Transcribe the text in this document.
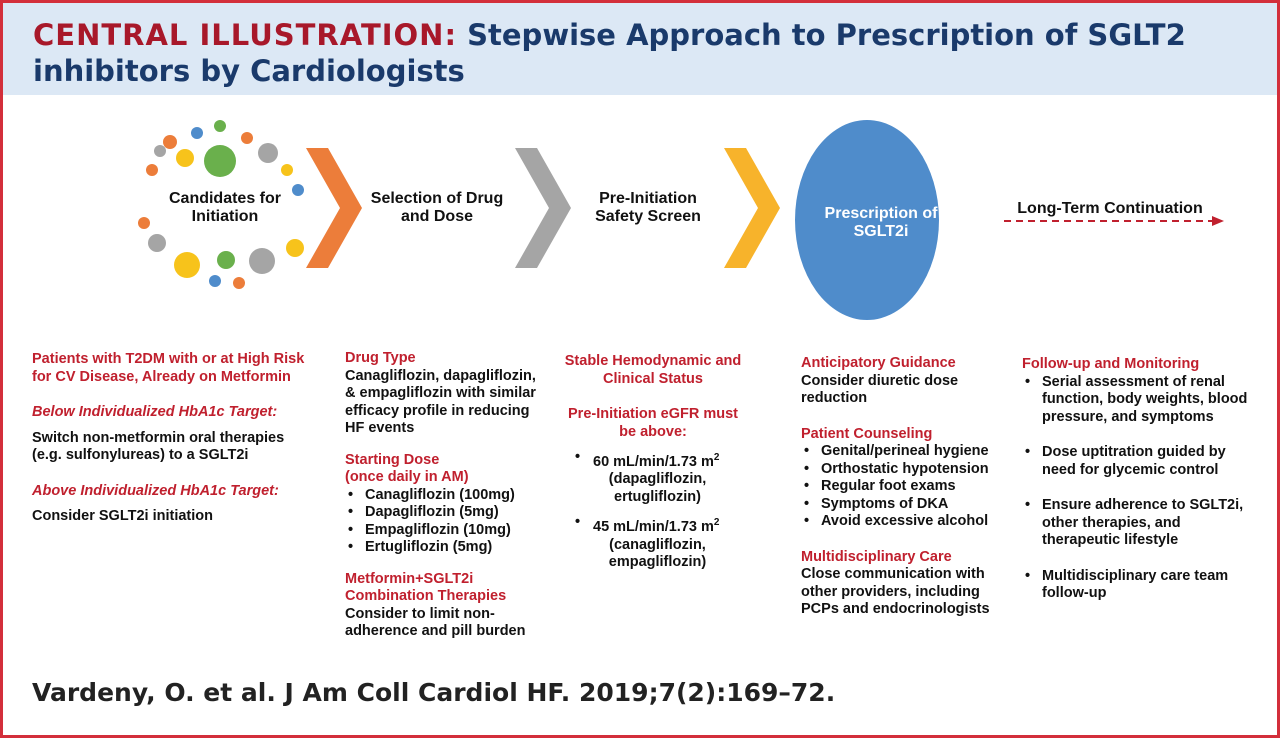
CENTRAL ILLUSTRATION: Stepwise Approach to Prescription of SGLT2 inhibitors by Cardiologists
Candidates for Initiation
Selection of Drug and Dose
Pre-Initiation Safety Screen	Prescription of SGLT2i
Long-Term Continuation

Patients with T2DM with or at High Risk for CV Disease, Already on Metformin

Below Individualized HbA1c Target:

Switch non-metformin oral therapies (e.g. sulfonylureas) to a SGLT2i

Above Individualized HbA1c Target:

Consider SGLT2i initiation

Drug Type

Canagliflozin, dapagliflozin, & empagliflozin with similar efficacy profile in reducing HF events

Starting Dose

(once daily in AM)

• Canagliflozin (100mg)
• Dapagliflozin (5mg)
• Empagliflozin (10mg)
• Ertugliflozin (5mg)

Metformin+SGLT2i

Combination Therapies

Consider to limit non-adherence and pill burden

Stable Hemodynamic and Clinical Status

Pre-Initiation eGFR must be above:

• 60 mL/min/1.73 $m^2$

(dapagliflozin, ertugliflozin)
• 45 mL/min/1.73 $m^2$

(canagliflozin, empagliflozin)

Anticipatory Guidance

Consider diuretic dose reduction

Patient Counseling

• Genital/perineal hygiene
• Orthostatic hypotension
• Regular foot exams
• Symptoms of DKA
• Avoid excessive alcohol

Multidisciplinary Care

Close communication with other providers, including PCPs and endocrinologists

Follow-up and Monitoring

• Serial assessment of renal function, body weights, blood pressure, and symptoms
• Dose uptitration guided by need for glycemic control
• Ensure adherence to SGLT2i, other therapies, and therapeutic lifestyle
• Multidisciplinary care team follow-up
Vardeny, O. et al. J Am Coll Cardiol HF. 2019;7(2):169–72.
